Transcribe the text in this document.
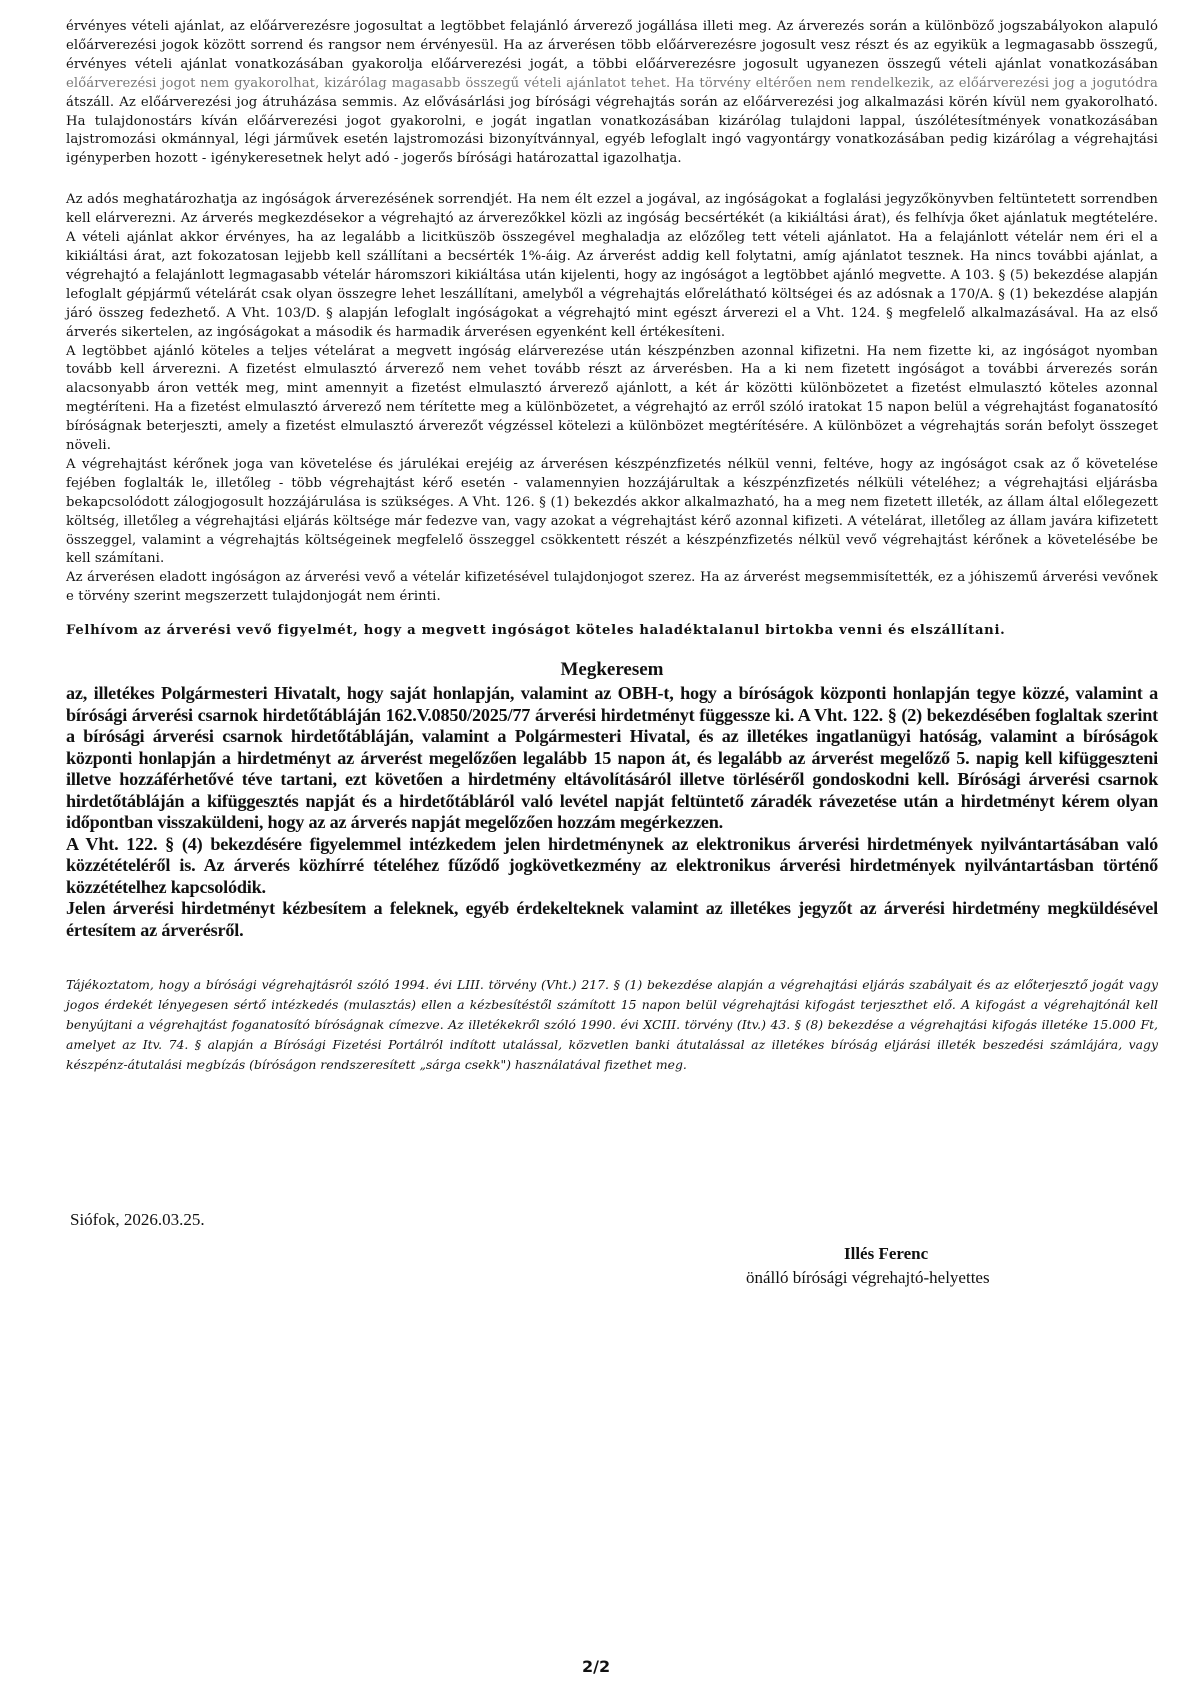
érvényes vételi ajánlat, az előárverezésre jogosultat a legtöbbet felajánló árverező jogállása illeti meg. Az árverezés során a különböző jogszabályokon alapuló előárverezési jogok között sorrend és rangsor nem érvényesül. Ha az árverésen több előárverezésre jogosult vesz részt és az egyikük a legmagasabb összegű, érvényes vételi ajánlat vonatkozásában gyakorolja előárverezési jogát, a többi előárverezésre jogosult ugyanezen összegű vételi ajánlat vonatkozásában előárverezési jogot nem gyakorolhat, kizárólag magasabb összegű vételi ajánlatot tehet. Ha törvény eltérően nem rendelkezik, az előárverezési jog a jogutódra átszáll. Az előárverezési jog átruházása semmis. Az elővásárlási jog bírósági végrehajtás során az előárverezési jog alkalmazási körén kívül nem gyakorolható. Ha tulajdonostárs kíván előárverezési jogot gyakorolni, e jogát ingatlan vonatkozásában kizárólag tulajdoni lappal, úszólétesítmények vonatkozásában lajstromozási okmánnyal, légi járművek esetén lajstromozási bizonyítvánnyal, egyéb lefoglalt ingó vagyontárgy vonatkozásában pedig kizárólag a végrehajtási igényperben hozott - igénykeresetnek helyt adó - jogerős bírósági határozattal igazolhatja.

Az adós meghatározhatja az ingóságok árverezésének sorrendjét. Ha nem élt ezzel a jogával, az ingóságokat a foglalási jegyzőkönyvben feltüntetett sorrendben kell elárverezni. Az árverés megkezdésekor a végrehajtó az árverezőkkel közli az ingóság becsértékét (a kikiáltási árat), és felhívja őket ajánlatuk megtételére. A vételi ajánlat akkor érvényes, ha az legalább a licitküszöb összegével meghaladja az előzőleg tett vételi ajánlatot. Ha a felajánlott vételár nem éri el a kikiáltási árat, azt fokozatosan lejjebb kell szállítani a becsérték 1%-áig. Az árverést addig kell folytatni, amíg ajánlatot tesznek. Ha nincs további ajánlat, a végrehajtó a felajánlott legmagasabb vételár háromszori kikiáltása után kijelenti, hogy az ingóságot a legtöbbet ajánló megvette. A 103. § (5) bekezdése alapján lefoglalt gépjármű vételárát csak olyan összegre lehet leszállítani, amelyből a végrehajtás előrelátható költségei és az adósnak a 170/A. § (1) bekezdése alapján járó összeg fedezhető. A Vht. 103/D. § alapján lefoglalt ingóságokat a végrehajtó mint egészt árverezi el a Vht. 124. § megfelelő alkalmazásával. Ha az első árverés sikertelen, az ingóságokat a második és harmadik árverésen egyenként kell értékesíteni.

A legtöbbet ajánló köteles a teljes vételárat a megvett ingóság elárverezése után készpénzben azonnal kifizetni. Ha nem fizette ki, az ingóságot nyomban tovább kell árverezni. A fizetést elmulasztó árverező nem vehet tovább részt az árverésben. Ha a ki nem fizetett ingóságot a további árverezés során alacsonyabb áron vették meg, mint amennyit a fizetést elmulasztó árverező ajánlott, a két ár közötti különbözetet a fizetést elmulasztó köteles azonnal megtéríteni. Ha a fizetést elmulasztó árverező nem térítette meg a különbözetet, a végrehajtó az erről szóló iratokat 15 napon belül a végrehajtást foganatosító bíróságnak beterjeszti, amely a fizetést elmulasztó árverezőt végzéssel kötelezi a különbözet megtérítésére. A különbözet a végrehajtás során befolyt összeget növeli.

A végrehajtást kérőnek joga van követelése és járulékai erejéig az árverésen készpénzfizetés nélkül venni, feltéve, hogy az ingóságot csak az ő követelése fejében foglalták le, illetőleg - több végrehajtást kérő esetén - valamennyien hozzájárultak a készpénzfizetés nélküli vételéhez; a végrehajtási eljárásba bekapcsolódott zálogjogosult hozzájárulása is szükséges. A Vht. 126. § (1) bekezdés akkor alkalmazható, ha a meg nem fizetett illeték, az állam által előlegezett költség, illetőleg a végrehajtási eljárás költsége már fedezve van, vagy azokat a végrehajtást kérő azonnal kifizeti. A vételárat, illetőleg az állam javára kifizetett összeggel, valamint a végrehajtás költségeinek megfelelő összeggel csökkentett részét a készpénzfizetés nélkül vevő végrehajtást kérőnek a követelésébe be kell számítani.

Az árverésen eladott ingóságon az árverési vevő a vételár kifizetésével tulajdonjogot szerez. Ha az árverést megsemmisítették, ez a jóhiszemű árverési vevőnek e törvény szerint megszerzett tulajdonjogát nem érinti.

Felhívom az árverési vevő figyelmét, hogy a megvett ingóságot köteles haladéktalanul birtokba venni és elszállítani.

Megkeresem

az, illetékes Polgármesteri Hivatalt, hogy saját honlapján, valamint az OBH-t, hogy a bíróságok központi honlapján tegye közzé, valamint a bírósági árverési csarnok hirdetőtábláján 162.V.0850/2025/77 árverési hirdetményt függessze ki. A Vht. 122. § (2) bekezdésében foglaltak szerint a bírósági árverési csarnok hirdetőtábláján, valamint a Polgármesteri Hivatal, és az illetékes ingatlanügyi hatóság, valamint a bíróságok központi honlapján a hirdetményt az árverést megelőzően legalább 15 napon át, és legalább az árverést megelőző 5. napig kell kifüggeszteni illetve hozzáférhetővé téve tartani, ezt követően a hirdetmény eltávolításáról illetve törléséről gondoskodni kell. Bírósági árverési csarnok hirdetőtábláján a kifüggesztés napját és a hirdetőtábláról való levétel napját feltüntető záradék rávezetése után a hirdetményt kérem olyan időpontban visszaküldeni, hogy az az árverés napját megelőzően hozzám megérkezzen.

A Vht. 122. § (4) bekezdésére figyelemmel intézkedem jelen hirdetménynek az elektronikus árverési hirdetmények nyilvántartásában való közzétételéről is. Az árverés közhírré tételéhez fűződő jogkövetkezmény az elektronikus árverési hirdetmények nyilvántartásban történő közzétételhez kapcsolódik.

Jelen árverési hirdetményt kézbesítem a feleknek, egyéb érdekelteknek valamint az illetékes jegyzőt az árverési hirdetmény megküldésével értesítem az árverésről.

Tájékoztatom, hogy a bírósági végrehajtásról szóló 1994. évi LIII. törvény (Vht.) 217. § (1) bekezdése alapján a végrehajtási eljárás szabályait és az előterjesztő jogát vagy jogos érdekét lényegesen sértő intézkedés (mulasztás) ellen a kézbesítéstől számított 15 napon belül végrehajtási kifogást terjeszthet elő. A kifogást a végrehajtónál kell benyújtani a végrehajtást foganatosító bíróságnak címezve. Az illetékekről szóló 1990. évi XCIII. törvény (Itv.) 43. § (8) bekezdése a végrehajtási kifogás illetéke 15.000 Ft, amelyet az Itv. 74. § alapján a Bírósági Fizetési Portálról indított utalással, közvetlen banki átutalással az illetékes bíróság eljárási illeték beszedési számlájára, vagy készpénz-átutalási megbízás (bíróságon rendszeresített „sárga csekk") használatával fizethet meg.

Siófok, 2026.03.25.
Illés Ferenc
önálló bírósági végrehajtó-helyettes
2/2
